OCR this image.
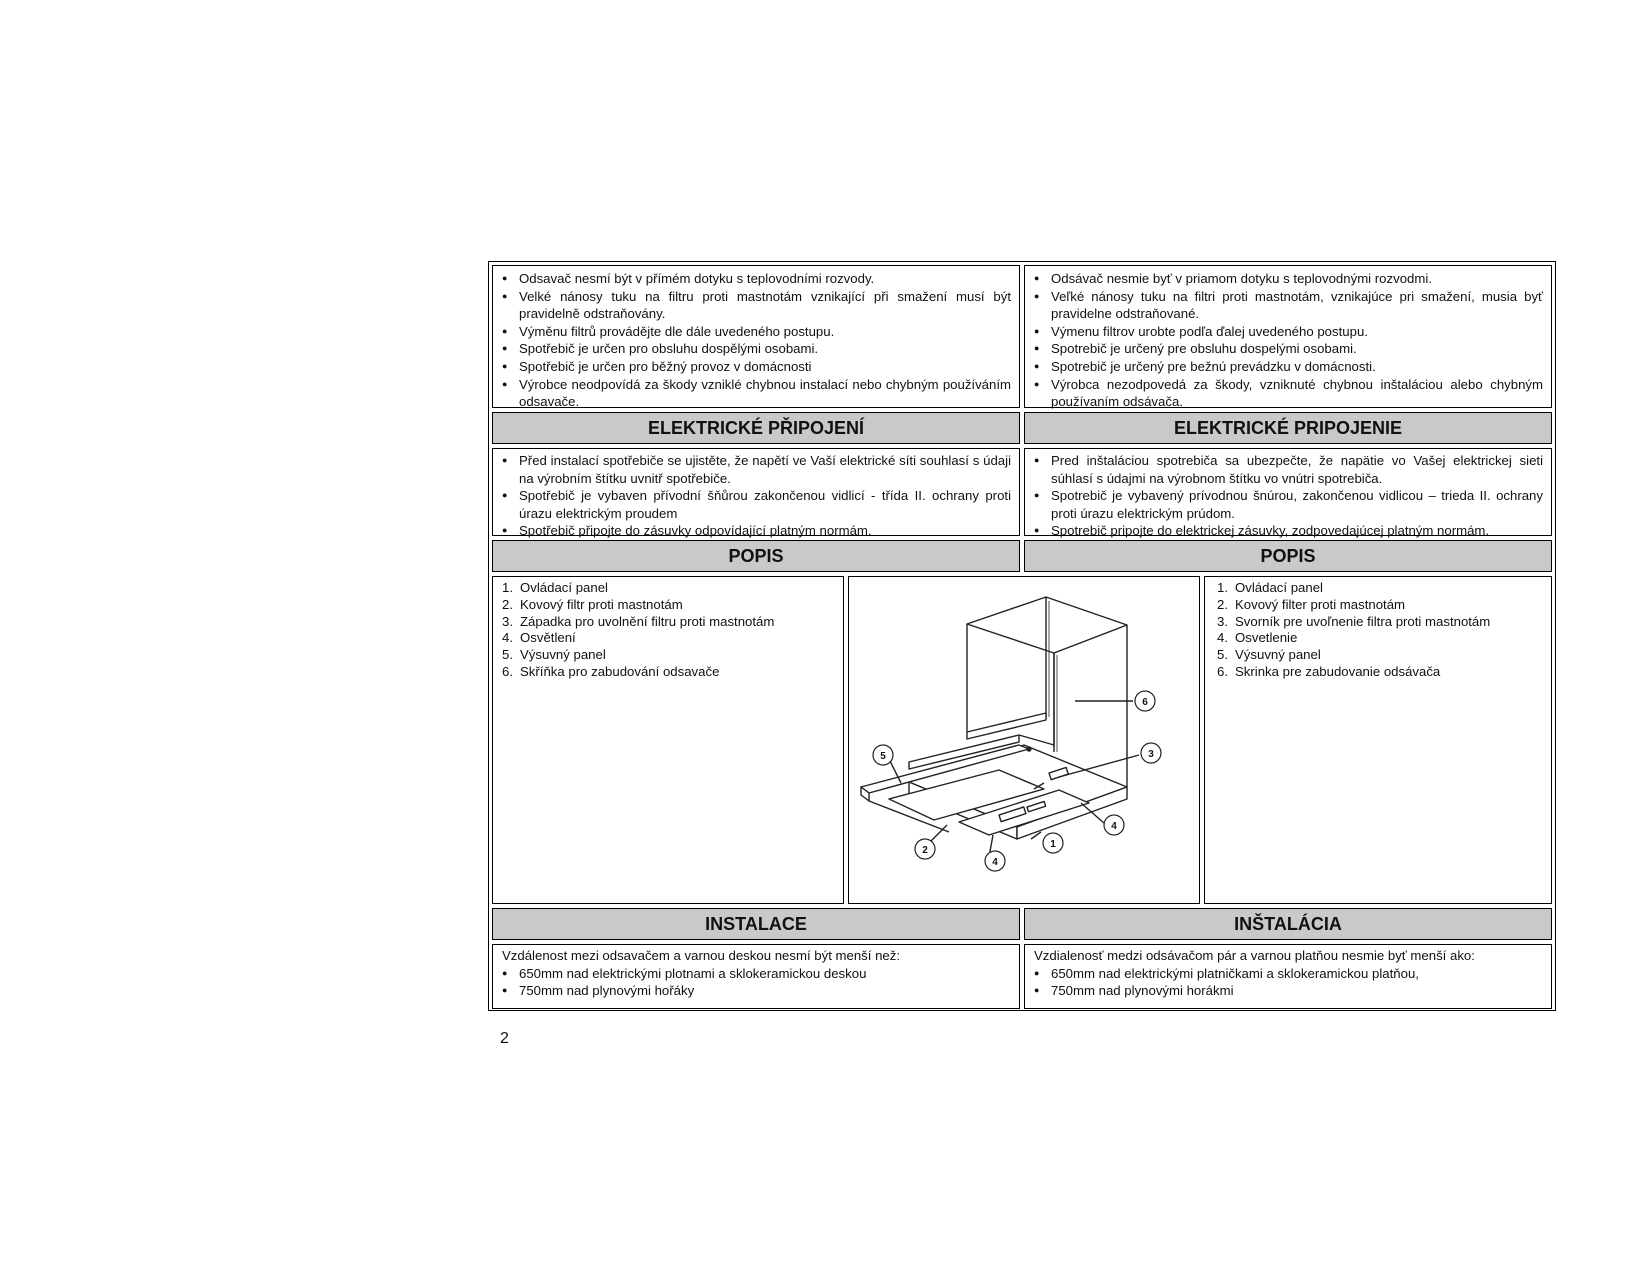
● Odsavač nesmí být v přímém dotyku s teplovodními rozvody.
● Velké nánosy tuku na filtru proti mastnotám vznikající při smažení musí být pravidelně odstraňovány.
● Výměnu filtrů provádějte dle dále uvedeného postupu.
● Spotřebič je určen pro obsluhu dospělými osobami.
● Spotřebič je určen pro běžný provoz v domácnosti
● Výrobce neodpovídá za škody vzniklé chybnou instalací nebo chybným používáním odsavače.
● Odsávač nesmie byť v priamom dotyku s teplovodnými rozvodmi.
● Veľké nánosy tuku na filtri proti mastnotám, vznikajúce pri smažení, musia byť pravidelne odstraňované.
● Výmenu filtrov urobte podľa ďalej uvedeného postupu.
● Spotrebič je určený pre obsluhu dospelými osobami.
● Spotrebič je určený pre bežnú prevádzku v domácnosti.
● Výrobca nezodpovedá za škody, vzniknuté chybnou inštaláciou alebo chybným používaním odsávača.
ELEKTRICKÉ PŘIPOJENÍ	ELEKTRICKÉ PRIPOJENIE
● Před instalací spotřebiče se ujistěte, že napětí ve Vaší elektrické síti souhlasí s údaji na výrobním štítku uvnitř spotřebiče.
● Spotřebič je vybaven přívodní šňůrou zakončenou vidlicí - třída II. ochrany proti úrazu elektrickým proudem
● Spotřebič připojte do zásuvky odpovídající platným normám.
● Pred inštaláciou spotrebiča sa ubezpečte, že napätie vo Vašej elektrickej sieti súhlasí s údajmi na výrobnom štítku vo vnútri spotrebiča.
● Spotrebič je vybavený prívodnou šnúrou, zakončenou vidlicou – trieda II. ochrany proti úrazu elektrickým prúdom.
● Spotrebič pripojte do elektrickej zásuvky, zodpovedajúcej platným normám.
POPIS	POPIS
1. Ovládací panel
2. Kovový filtr proti mastnotám
3. Západka pro uvolnění filtru proti mastnotám
4. Osvětlení
5. Výsuvný panel
6. Skříňka pro zabudování odsavače
6
3
5
4
1
2
4
1. Ovládací panel
2. Kovový filter proti mastnotám
3. Svorník pre uvoľnenie filtra proti mastnotám
4. Osvetlenie
5. Výsuvný panel
6. Skrinka pre zabudovanie odsávača
INSTALACE	INŠTALÁCIA

Vzdálenost mezi odsavačem a varnou deskou nesmí být menší než:

● 650mm nad elektrickými plotnami a sklokeramickou deskou
● 750mm nad plynovými hořáky

Vzdialenosť medzi odsávačom pár a varnou platňou nesmie byť menší ako:

● 650mm nad elektrickými platničkami a sklokeramickou platňou,
● 750mm nad plynovými horákmi
2
